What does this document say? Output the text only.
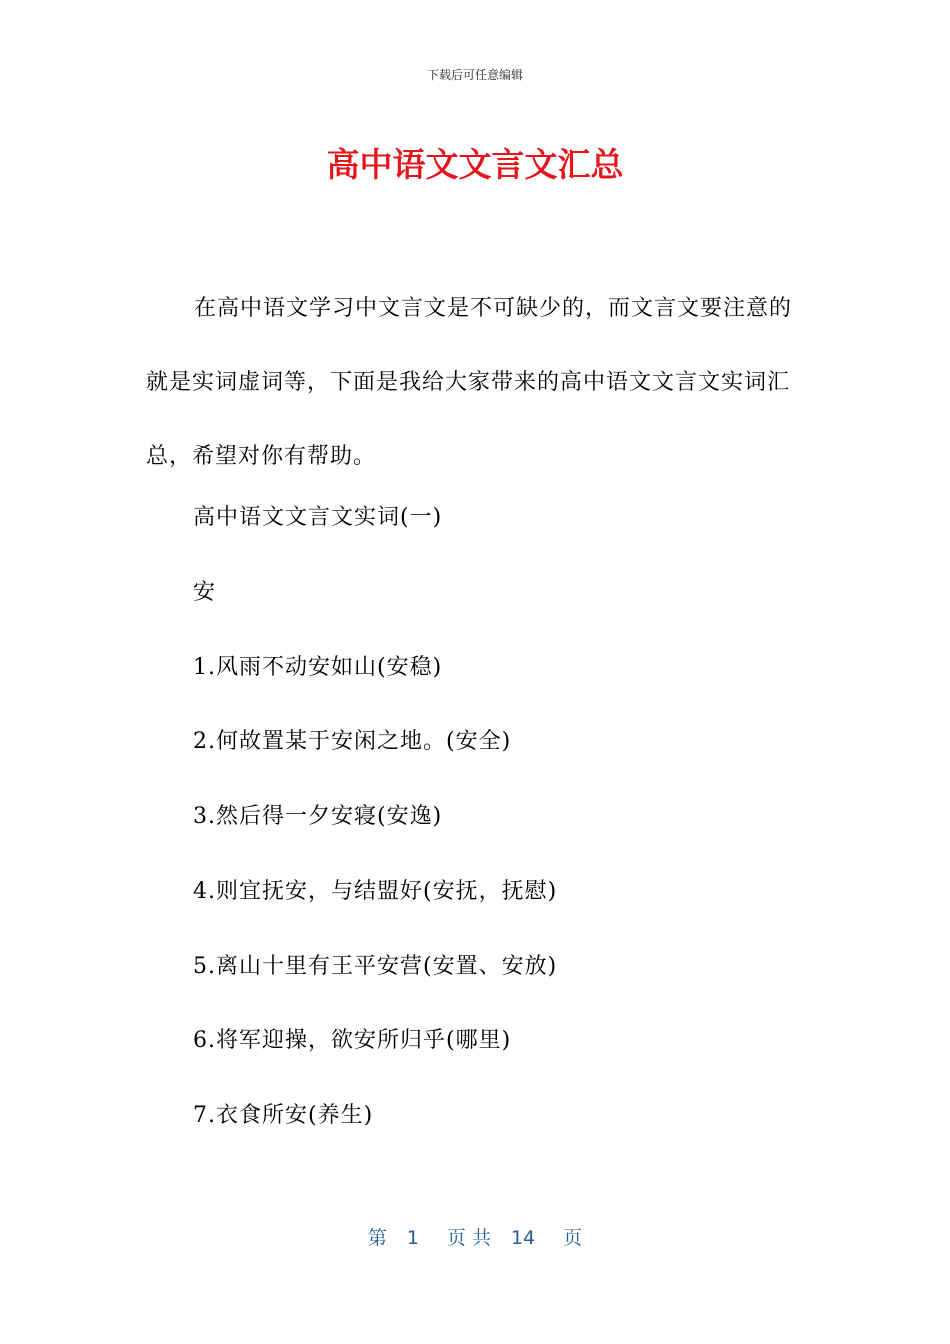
下载后可任意编辑
高中语文文言文汇总

在高中语文学习中文言文是不可缺少的，而文言文要注意的就是实词虚词等，下面是我给大家带来的高中语文文言文实词汇总，希望对你有帮助。

高中语文文言文实词(一)

安

1.风雨不动安如山(安稳)

2.何故置某于安闲之地。(安全)

3.然后得一夕安寝(安逸)

4.则宜抚安，与结盟好(安抚，抚慰)

5.离山十里有王平安营(安置、安放)

6.将军迎操，欲安所归乎(哪里)

7.衣食所安(养生)

第 1 页 共 14 页
